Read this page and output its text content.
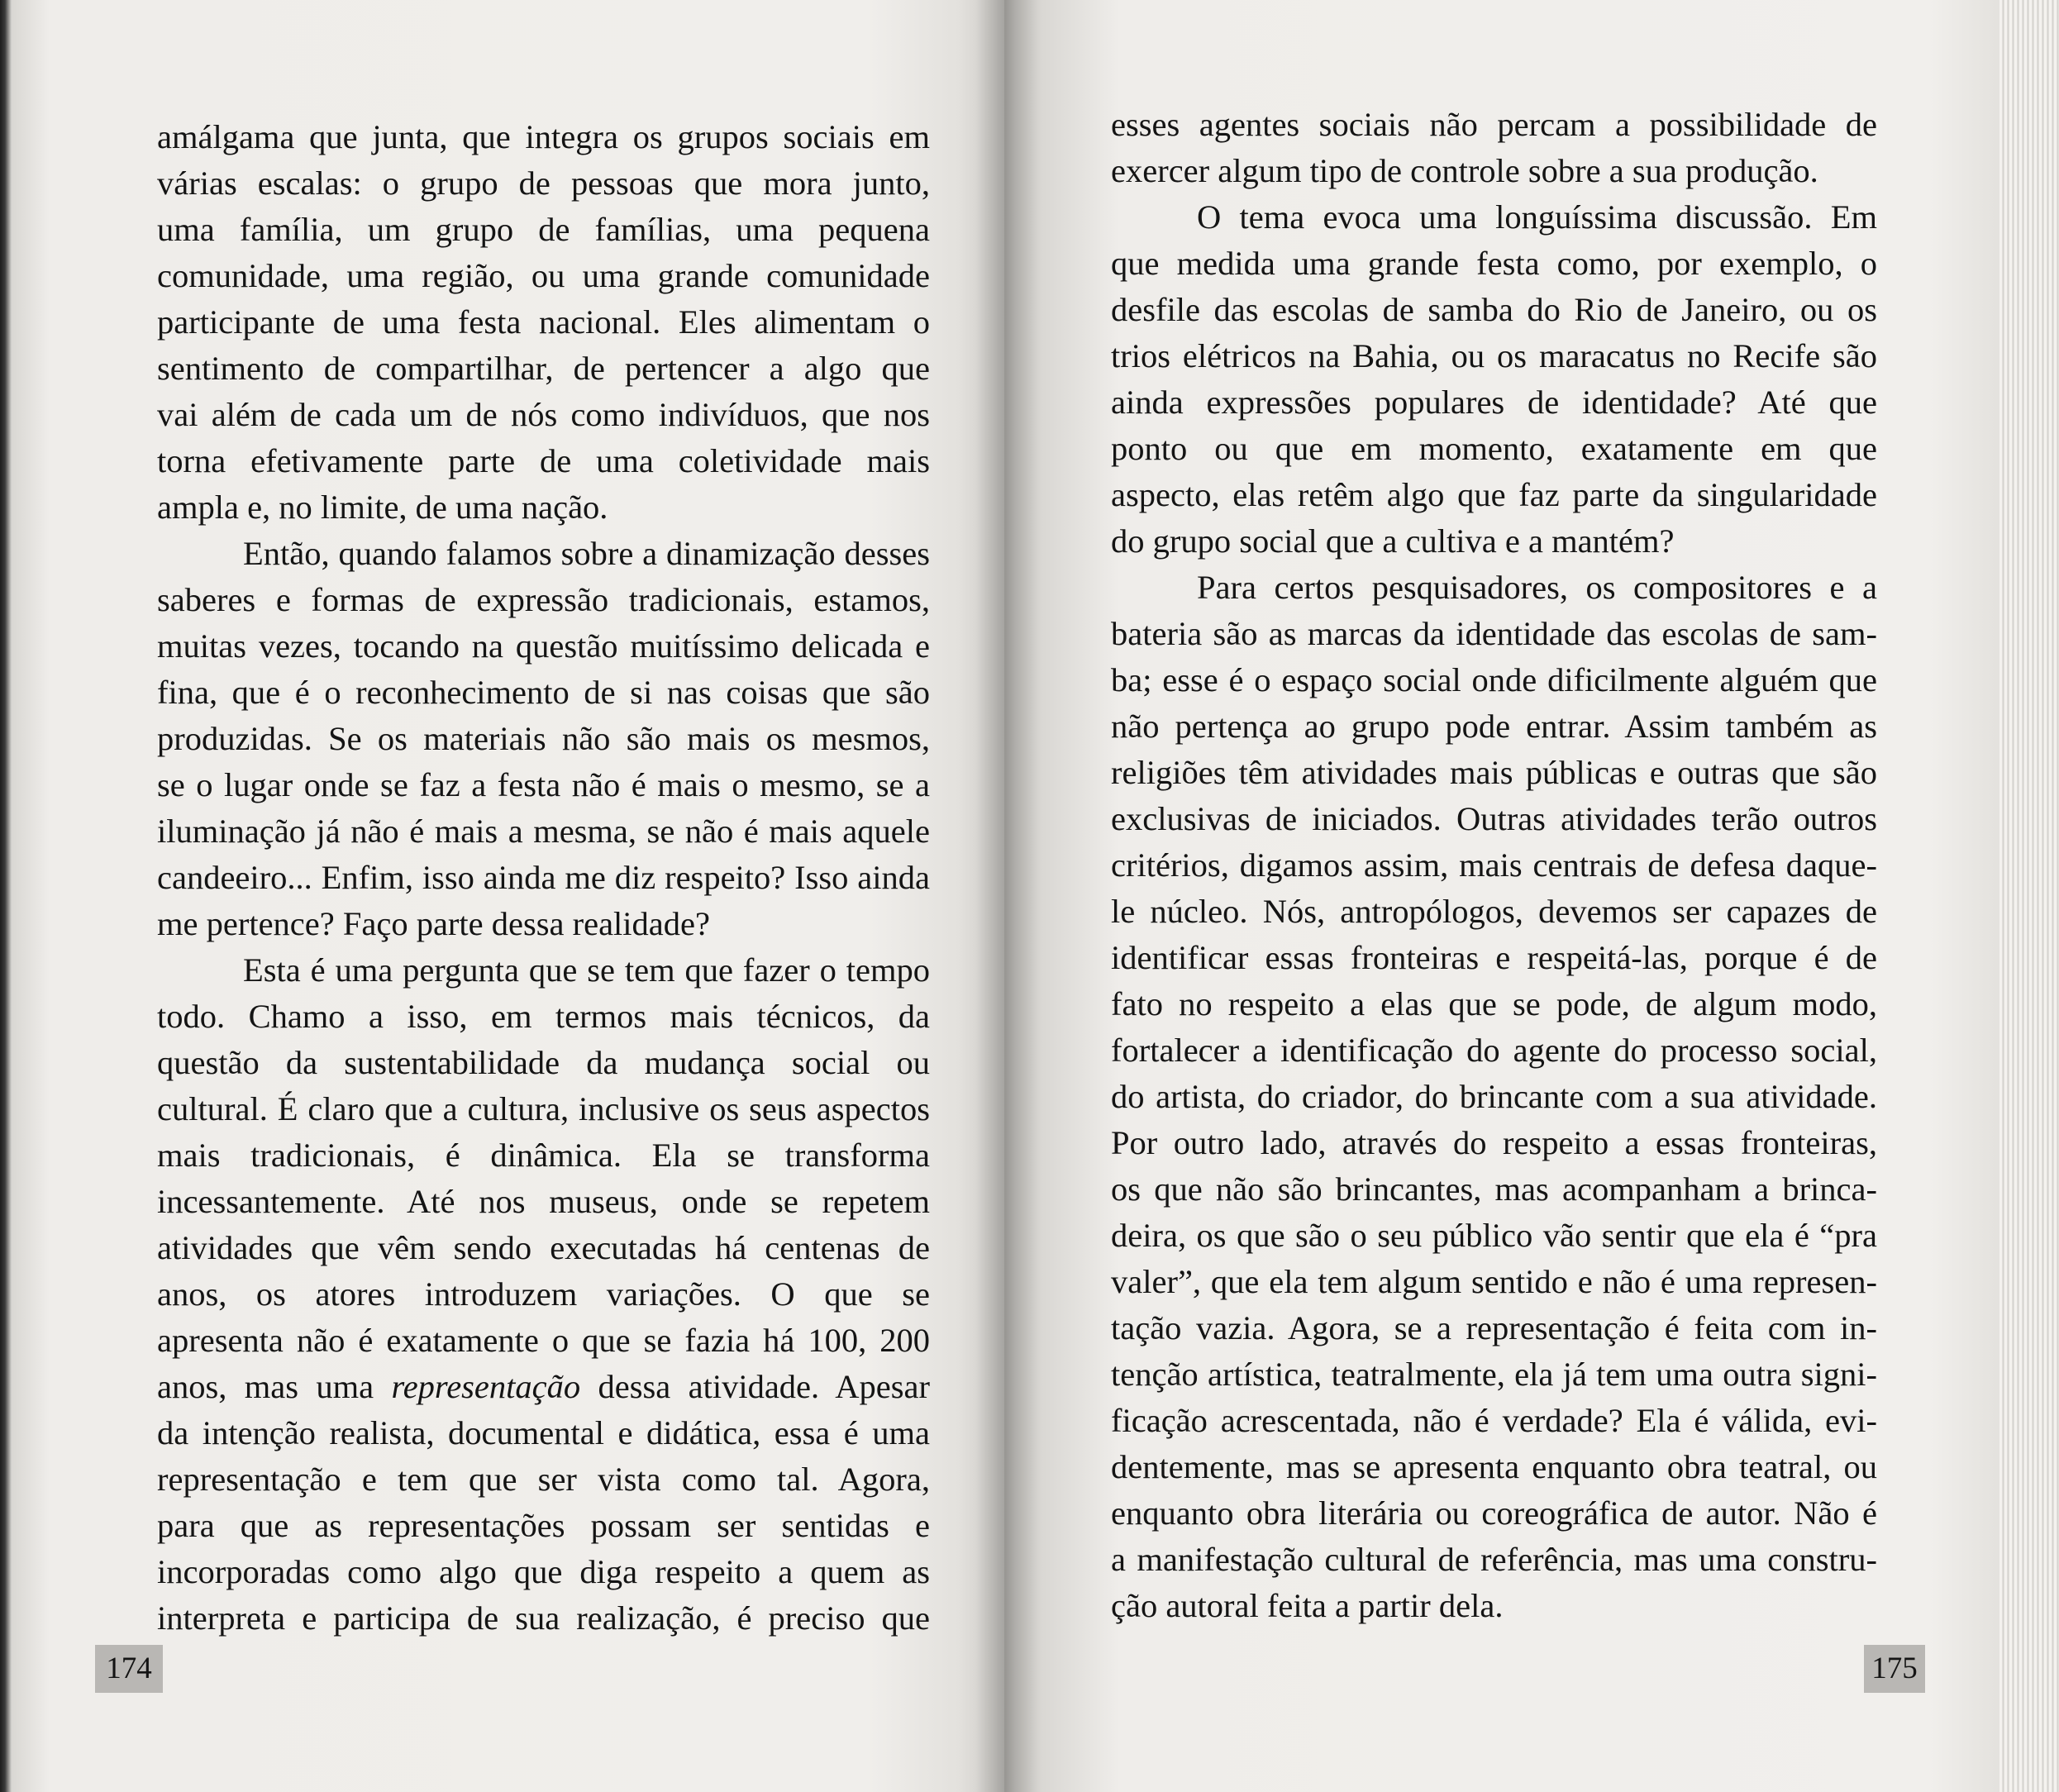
amálgama que junta, que integra os grupos sociais em
várias escalas: o grupo de pessoas que mora junto,
uma família, um grupo de famílias, uma pequena
comunidade, uma região, ou uma grande comunidade
participante de uma festa nacional. Eles alimentam o
sentimento de compartilhar, de pertencer a algo que
vai além de cada um de nós como indivíduos, que nos
torna efetivamente parte de uma coletividade mais
ampla e, no limite, de uma nação.
Então, quando falamos sobre a dinamização desses
saberes e formas de expressão tradicionais, estamos,
muitas vezes, tocando na questão muitíssimo delicada e
fina, que é o reconhecimento de si nas coisas que são
produzidas. Se os materiais não são mais os mesmos,
se o lugar onde se faz a festa não é mais o mesmo, se a
iluminação já não é mais a mesma, se não é mais aquele
candeeiro... Enfim, isso ainda me diz respeito? Isso ainda
me pertence? Faço parte dessa realidade?
Esta é uma pergunta que se tem que fazer o tempo
todo. Chamo a isso, em termos mais técnicos, da
questão da sustentabilidade da mudança social ou
cultural. É claro que a cultura, inclusive os seus aspectos
mais tradicionais, é dinâmica. Ela se transforma
incessantemente. Até nos museus, onde se repetem
atividades que vêm sendo executadas há centenas de
anos, os atores introduzem variações. O que se
apresenta não é exatamente o que se fazia há 100, 200
anos, mas uma representação dessa atividade. Apesar
da intenção realista, documental e didática, essa é uma
representação e tem que ser vista como tal. Agora,
para que as representações possam ser sentidas e
incorporadas como algo que diga respeito a quem as
interpreta e participa de sua realização, é preciso que
174
esses agentes sociais não percam a possibilidade de
exercer algum tipo de controle sobre a sua produção.
O tema evoca uma longuíssima discussão. Em
que medida uma grande festa como, por exemplo, o
desfile das escolas de samba do Rio de Janeiro, ou os
trios elétricos na Bahia, ou os maracatus no Recife são
ainda expressões populares de identidade? Até que
ponto ou que em momento, exatamente em que
aspecto, elas retêm algo que faz parte da singularidade
do grupo social que a cultiva e a mantém?
Para certos pesquisadores, os compositores e a
bateria são as marcas da identidade das escolas de sam-
ba; esse é o espaço social onde dificilmente alguém que
não pertença ao grupo pode entrar. Assim também as
religiões têm atividades mais públicas e outras que são
exclusivas de iniciados. Outras atividades terão outros
critérios, digamos assim, mais centrais de defesa daque-
le núcleo. Nós, antropólogos, devemos ser capazes de
identificar essas fronteiras e respeitá-las, porque é de
fato no respeito a elas que se pode, de algum modo,
fortalecer a identificação do agente do processo social,
do artista, do criador, do brincante com a sua atividade.
Por outro lado, através do respeito a essas fronteiras,
os que não são brincantes, mas acompanham a brinca-
deira, os que são o seu público vão sentir que ela é “pra
valer”, que ela tem algum sentido e não é uma represen-
tação vazia. Agora, se a representação é feita com in-
tenção artística, teatralmente, ela já tem uma outra signi-
ficação acrescentada, não é verdade? Ela é válida, evi-
dentemente, mas se apresenta enquanto obra teatral, ou
enquanto obra literária ou coreográfica de autor. Não é
a manifestação cultural de referência, mas uma constru-
ção autoral feita a partir dela.
175
